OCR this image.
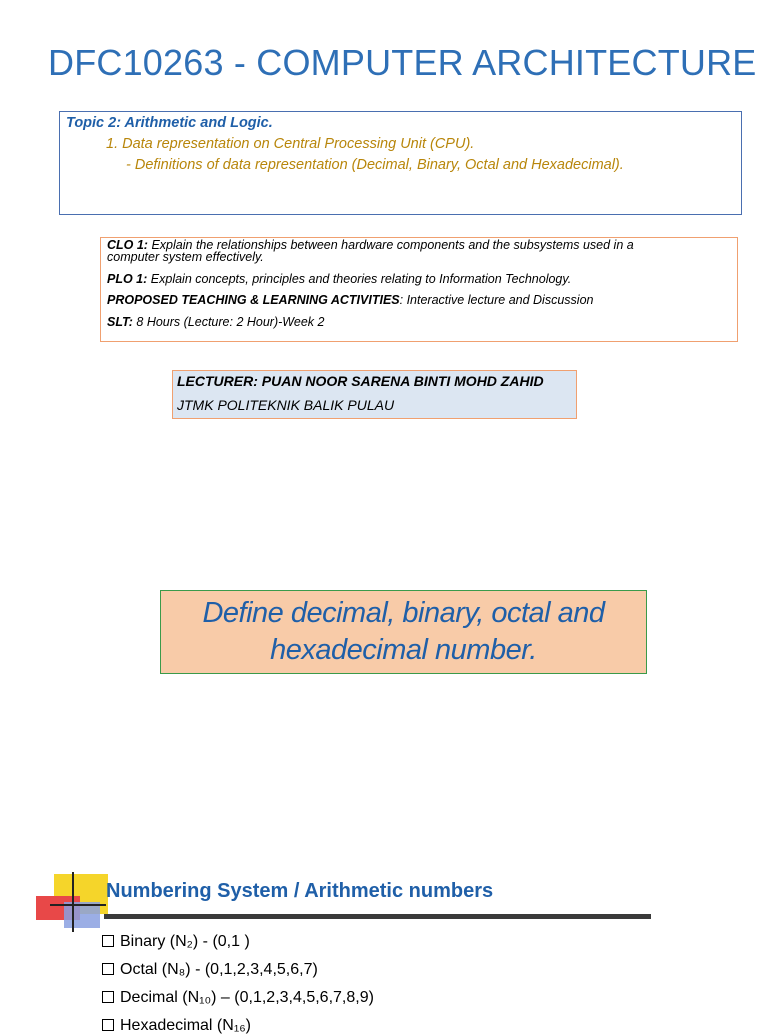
DFC10263 - COMPUTER ARCHITECTURE
Topic 2: Arithmetic and Logic.
1. Data representation on Central Processing Unit (CPU).
- Definitions of data representation (Decimal, Binary, Octal and Hexadecimal).
CLO 1: Explain the relationships between hardware components and the subsystems used in a
computer system effectively.
PLO 1: Explain concepts, principles and theories relating to Information Technology.
PROPOSED TEACHING & LEARNING ACTIVITIES: Interactive lecture and Discussion
SLT: 8 Hours (Lecture: 2 Hour)-Week 2
LECTURER: PUAN NOOR SARENA BINTI MOHD ZAHID
JTMK POLITEKNIK BALIK PULAU
Define decimal, binary, octal and
hexadecimal number.
Numbering System / Arithmetic numbers
Binary (N₂) - (0,1 )
Octal (N₈) - (0,1,2,3,4,5,6,7)
Decimal (N₁₀) – (0,1,2,3,4,5,6,7,8,9)
Hexadecimal (N₁₆)
